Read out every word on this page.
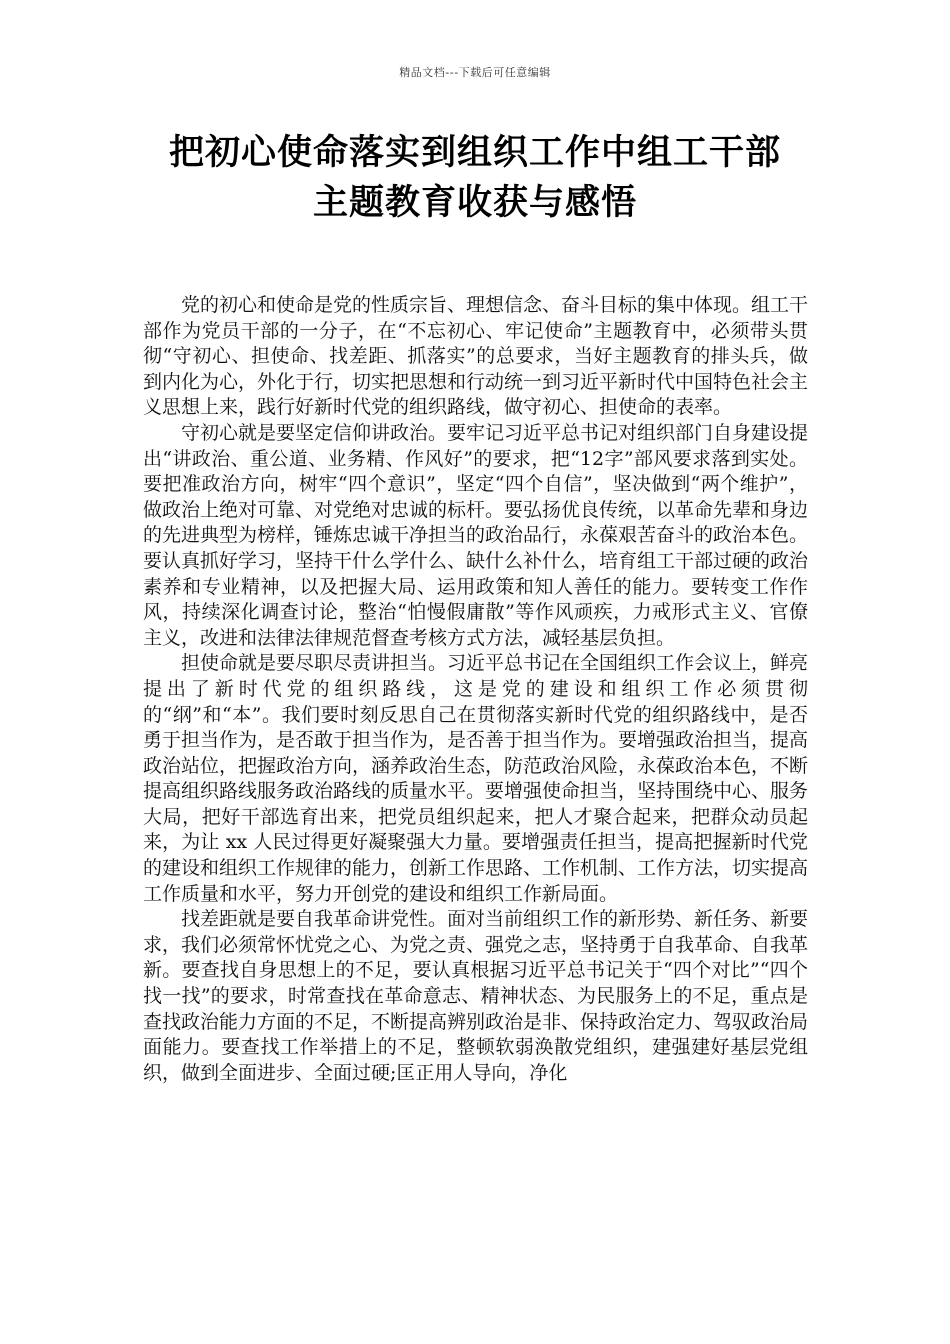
精品文档---下载后可任意编辑
把初心使命落实到组织工作中组工干部
主题教育收获与感悟

党的初心和使命是党的性质宗旨、理想信念、奋斗目标的集中体现。组工干部作为党员干部的一分子，在“不忘初心、牢记使命”主题教育中，必须带头贯彻“守初心、担使命、找差距、抓落实”的总要求，当好主题教育的排头兵，做到内化为心，外化于行，切实把思想和行动统一到习近平新时代中国特色社会主义思想上来，践行好新时代党的组织路线，做守初心、担使命的表率。

守初心就是要坚定信仰讲政治。要牢记习近平总书记对组织部门自身建设提出“讲政治、重公道、业务精、作风好”的要求，把“12字”部风要求落到实处。要把准政治方向，树牢“四个意识”，坚定“四个自信”，坚决做到“两个维护”，做政治上绝对可靠、对党绝对忠诚的标杆。要弘扬优良传统，以革命先辈和身边的先进典型为榜样，锤炼忠诚干净担当的政治品行，永葆艰苦奋斗的政治本色。要认真抓好学习，坚持干什么学什么、缺什么补什么，培育组工干部过硬的政治素养和专业精神，以及把握大局、运用政策和知人善任的能力。要转变工作作风，持续深化调查讨论，整治“怕慢假庸散”等作风顽疾，力戒形式主义、官僚主义，改进和法律法律规范督查考核方式方法，减轻基层负担。

担使命就是要尽职尽责讲担当。习近平总书记在全国组织工作会议上，鲜亮提出了新时代党的组织路线，这是党的建设和组织工作必须贯彻的“纲”和“本”。我们要时刻反思自己在贯彻落实新时代党的组织路线中，是否勇于担当作为，是否敢于担当作为，是否善于担当作为。要增强政治担当，提高政治站位，把握政治方向，涵养政治生态，防范政治风险，永葆政治本色，不断提高组织路线服务政治路线的质量水平。要增强使命担当，坚持围绕中心、服务大局，把好干部选育出来，把党员组织起来，把人才聚合起来，把群众动员起来，为让 xx 人民过得更好凝聚强大力量。要增强责任担当，提高把握新时代党的建设和组织工作规律的能力，创新工作思路、工作机制、工作方法，切实提高工作质量和水平，努力开创党的建设和组织工作新局面。

找差距就是要自我革命讲党性。面对当前组织工作的新形势、新任务、新要求，我们必须常怀忧党之心、为党之责、强党之志，坚持勇于自我革命、自我革新。要查找自身思想上的不足，要认真根据习近平总书记关于“四个对比”“四个找一找”的要求，时常查找在革命意志、精神状态、为民服务上的不足，重点是查找政治能力方面的不足，不断提高辨别政治是非、保持政治定力、驾驭政治局面能力。要查找工作举措上的不足，整顿软弱涣散党组织，建强建好基层党组织，做到全面进步、全面过硬;匡正用人导向，净化
